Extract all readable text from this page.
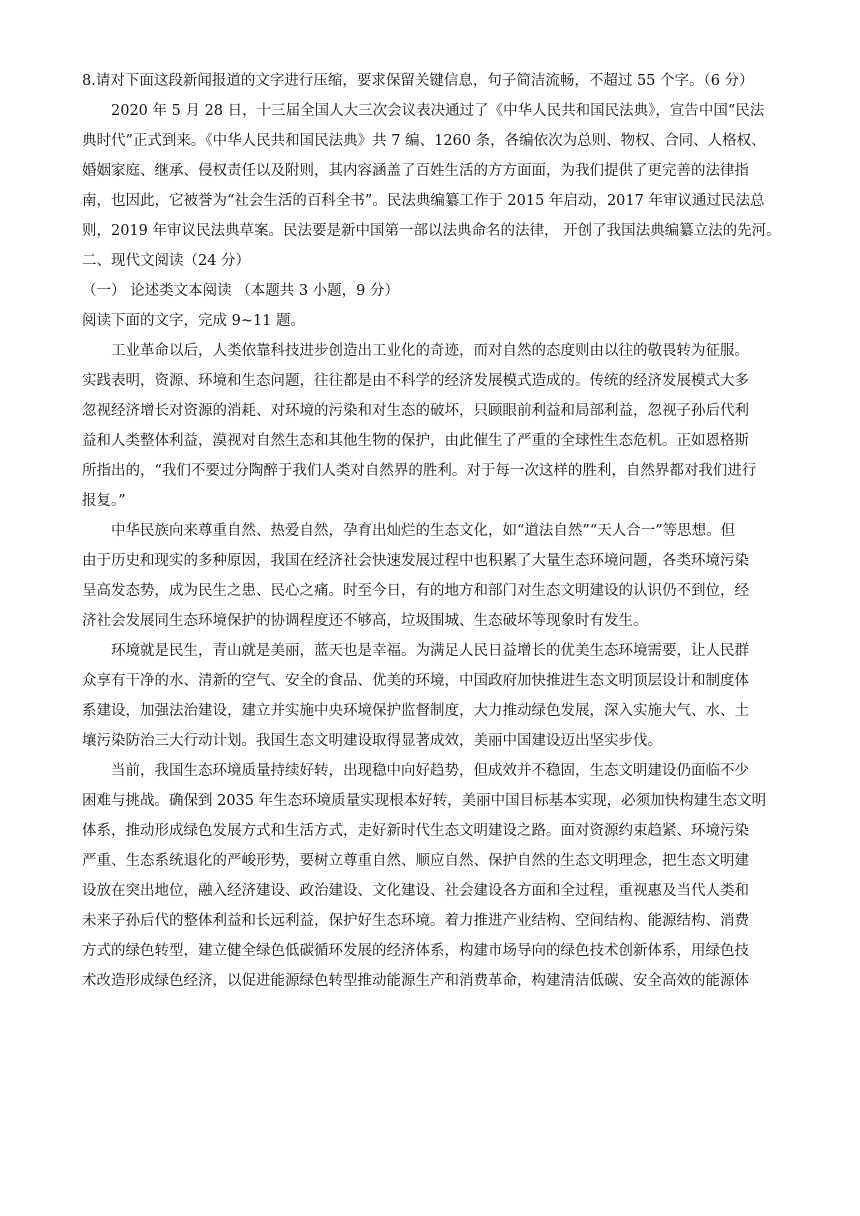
8.请对下面这段新闻报道的文字进行压缩，要求保留关键信息，句子简洁流畅，不超过 55 个字。（6 分）
2020 年 5 月 28 日，十三届全国人大三次会议表决通过了《中华人民共和国民法典》，宣告中国“民法
典时代”正式到来。《中华人民共和国民法典》共 7 编、1260 条，各编依次为总则、物权、合同、人格权、
婚姻家庭、继承、侵权责任以及附则，其内容涵盖了百姓生活的方方面面，为我们提供了更完善的法律指
南，也因此，它被誉为“社会生活的百科全书”。民法典编纂工作于 2015 年启动，2017 年审议通过民法总
则，2019 年审议民法典草案。民法要是新中国第一部以法典命名的法律， 开创了我国法典编纂立法的先河。
二、现代文阅读（24 分）
（一） 论述类文本阅读 （本题共 3 小题，9 分）
阅读下面的文字，完成 9~11 题。
工业革命以后，人类依靠科技进步创造出工业化的奇迹，而对自然的态度则由以往的敬畏转为征服。
实践表明，资源、环境和生态问题，往往都是由不科学的经济发展模式造成的。传统的经济发展模式大多
忽视经济增长对资源的消耗、对环境的污染和对生态的破坏，只顾眼前利益和局部利益，忽视子孙后代利
益和人类整体利益，漠视对自然生态和其他生物的保护，由此催生了严重的全球性生态危机。正如恩格斯
所指出的，“我们不要过分陶醉于我们人类对自然界的胜利。对于每一次这样的胜利，自然界都对我们进行
报复。”
中华民族向来尊重自然、热爱自然，孕育出灿烂的生态文化，如“道法自然”“天人合一”等思想。但
由于历史和现实的多种原因，我国在经济社会快速发展过程中也积累了大量生态环境问题，各类环境污染
呈高发态势，成为民生之患、民心之痛。时至今日，有的地方和部门对生态文明建设的认识仍不到位，经
济社会发展同生态环境保护的协调程度还不够高，垃圾围城、生态破坏等现象时有发生。
环境就是民生，青山就是美丽，蓝天也是幸福。为满足人民日益增长的优美生态环境需要，让人民群
众享有干净的水、清新的空气、安全的食品、优美的环境，中国政府加快推进生态文明顶层设计和制度体
系建设，加强法治建设，建立并实施中央环境保护监督制度，大力推动绿色发展，深入实施大气、水、土
壤污染防治三大行动计划。我国生态文明建设取得显著成效，美丽中国建设迈出坚实步伐。
当前，我国生态环境质量持续好转，出现稳中向好趋势，但成效并不稳固，生态文明建设仍面临不少
困难与挑战。确保到 2035 年生态环境质量实现根本好转，美丽中国目标基本实现，必须加快构建生态文明
体系，推动形成绿色发展方式和生活方式，走好新时代生态文明建设之路。面对资源约束趋紧、环境污染
严重、生态系统退化的严峻形势，要树立尊重自然、顺应自然、保护自然的生态文明理念，把生态文明建
设放在突出地位，融入经济建设、政治建设、文化建设、社会建设各方面和全过程，重视惠及当代人类和
未来子孙后代的整体利益和长远利益，保护好生态环境。着力推进产业结构、空间结构、能源结构、消费
方式的绿色转型，建立健全绿色低碳循环发展的经济体系，构建市场导向的绿色技术创新体系，用绿色技
术改造形成绿色经济，以促进能源绿色转型推动能源生产和消费革命，构建清洁低碳、安全高效的能源体
